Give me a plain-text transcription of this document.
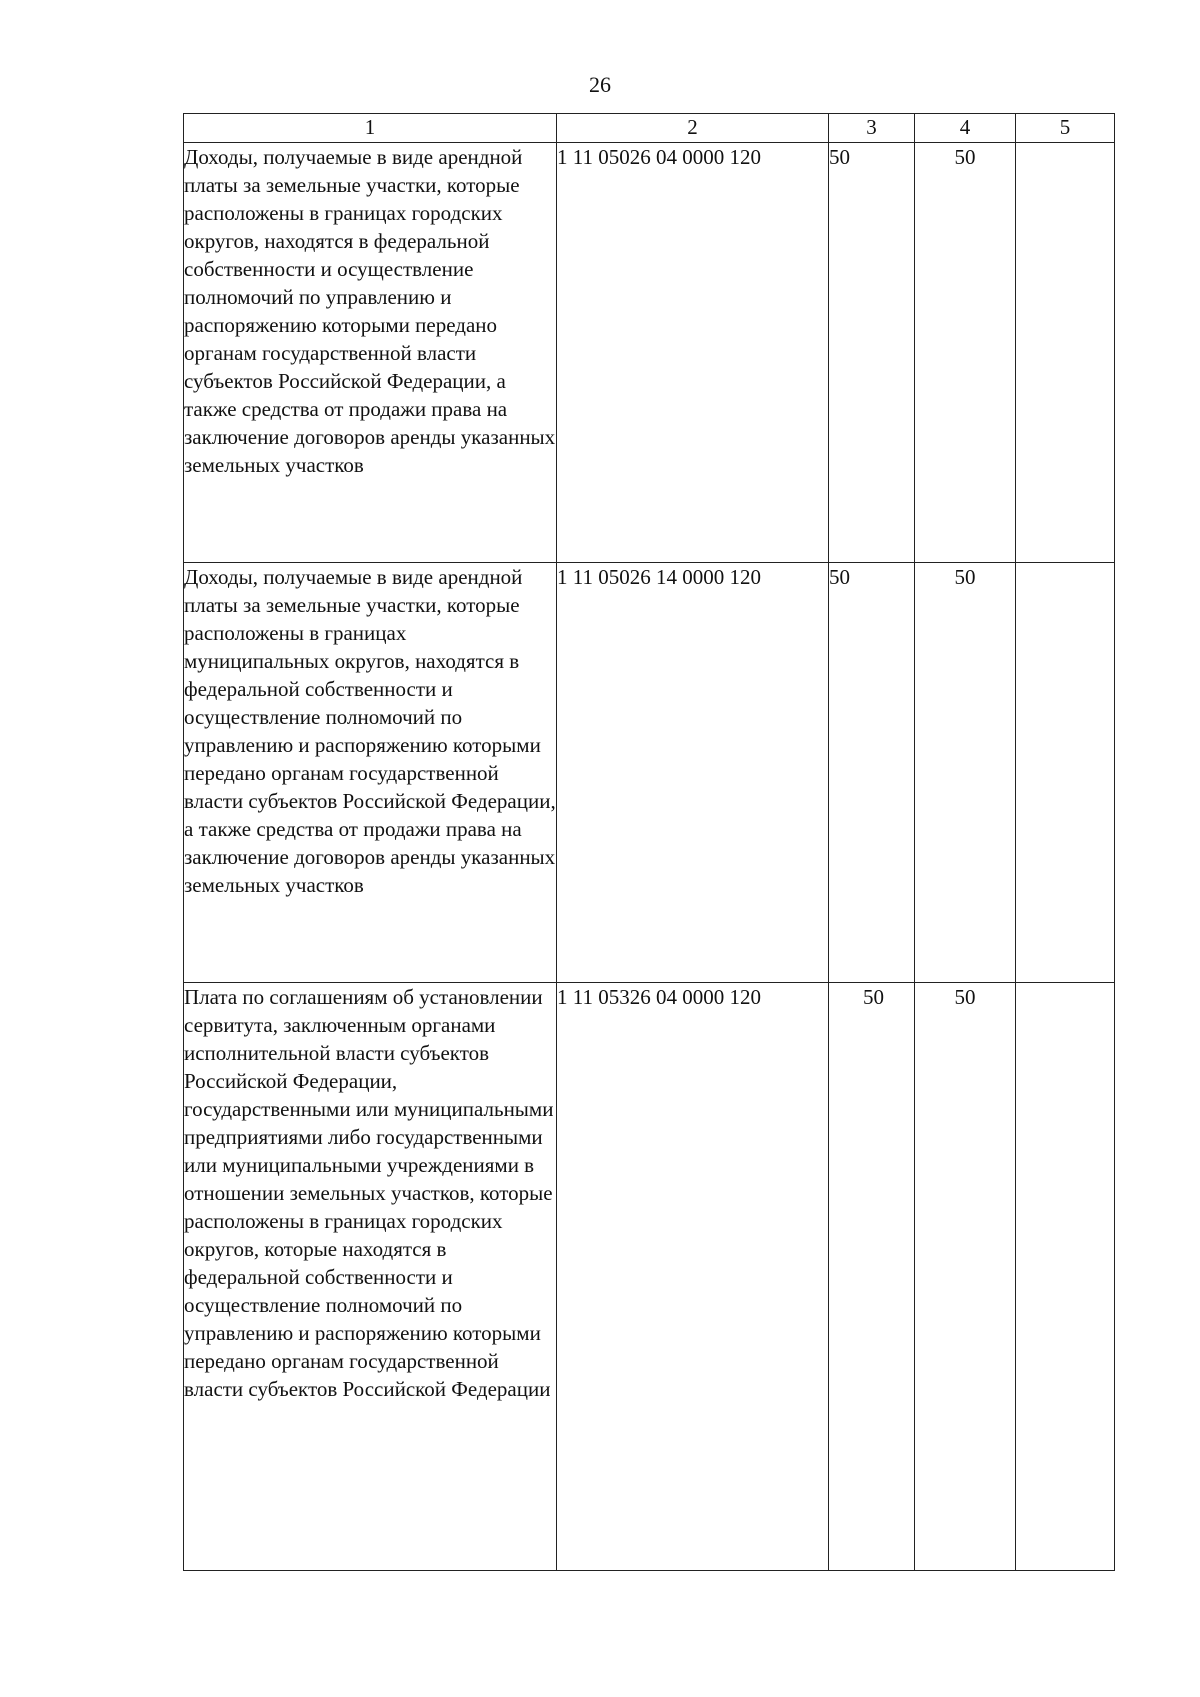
26
1	2	3	4	5
Доходы, получаемые в виде арендной платы за земельные участки, которые расположены в границах городских округов, находятся в федеральной собственности и осуществление полномочий по управлению и распоряжению которыми передано органам государственной власти субъектов Российской Федерации, а также средства от продажи права на заключение договоров аренды указанных земельных участков	1 11 05026 04 0000 120	50	50	
Доходы, получаемые в виде арендной платы за земельные участки, которые расположены в границах муниципальных округов, находятся в федеральной собственности и осуществление полномочий по управлению и распоряжению которыми передано органам государственной власти субъектов Российской Федерации, а также средства от продажи права на заключение договоров аренды указанных земельных участков	1 11 05026 14 0000 120	50	50	
Плата по соглашениям об установлении сервитута, заключенным органами исполнительной власти субъектов Российской Федерации, государственными или муниципальными предприятиями либо государственными или муниципальными учреждениями в отношении земельных участков, которые расположены в границах городских округов, которые находятся в федеральной собственности и осуществление полномочий по управлению и распоряжению которыми передано органам государственной власти субъектов Российской Федерации	1 11 05326 04 0000 120	50	50	
